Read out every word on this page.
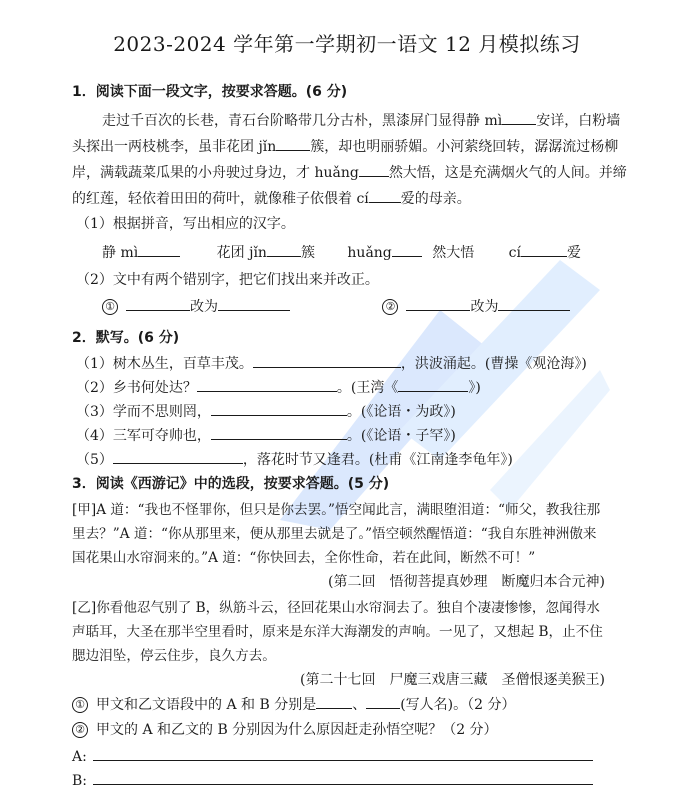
2023-2024 学年第一学期初一语文 12 月模拟练习
1．阅读下面一段文字，按要求答题。(6 分)
走过千百次的长巷，青石台阶略带几分古朴，黑漆屏门显得静 mì 安详，白粉墙
头探出一两枝桃李，虽非花团 jǐn 簇，却也明丽骄媚。小河萦绕回转，潺潺流过杨柳
岸，满载蔬菜瓜果的小舟驶过身边，才 huǎng 然大悟，这是充满烟火气的人间。并缔
的红莲，轻依着田田的荷叶，就像稚子依偎着 cí 爱的母亲。
（1）根据拼音，写出相应的汉字。
静 mì	花团 jǐn 簇 huǎng	然大悟 cí	爱
（2）文中有两个错别字，把它们找出来并改正。
①	改为	②	改为
2．默写。(6 分)
（1）树木丛生，百草丰茂。	，洪波涌起。(曹操《观沧海》)
（2）乡书何处达？	。(王湾《	》)
（3）学而不思则罔，	。(《论语・为政》)
（4）三军可夺帅也，	。(《论语・子罕》)
（5）	，落花时节又逢君。(杜甫《江南逢李龟年》)
3．阅读《西游记》中的选段，按要求答题。(5 分)
[甲]A 道：“我也不怪罪你，但只是你去罢。”悟空闻此言，满眼堕泪道：“师父，教我往那
里去？”A 道：“你从那里来，便从那里去就是了。”悟空顿然醒悟道：“我自东胜神洲傲来
国花果山水帘洞来的。”A 道：“你快回去，全你性命，若在此间，断然不可！”
(第二回　悟彻菩提真妙理　断魔归本合元神)
[乙]你看他忍气别了 B，纵筋斗云，径回花果山水帘洞去了。独自个凄凄惨惨，忽闻得水
声聒耳，大圣在那半空里看时，原来是东洋大海潮发的声响。一见了，又想起 B，止不住
腮边泪坠，停云住步，良久方去。
(第二十七回　尸魔三戏唐三藏　圣僧恨逐美猴王)
① 甲文和乙文语段中的 A 和 B 分别是	、 (写人名)。（2 分）
② 甲文的 A 和乙文的 B 分别因为什么原因赶走孙悟空呢？（2 分）
A:
B:
